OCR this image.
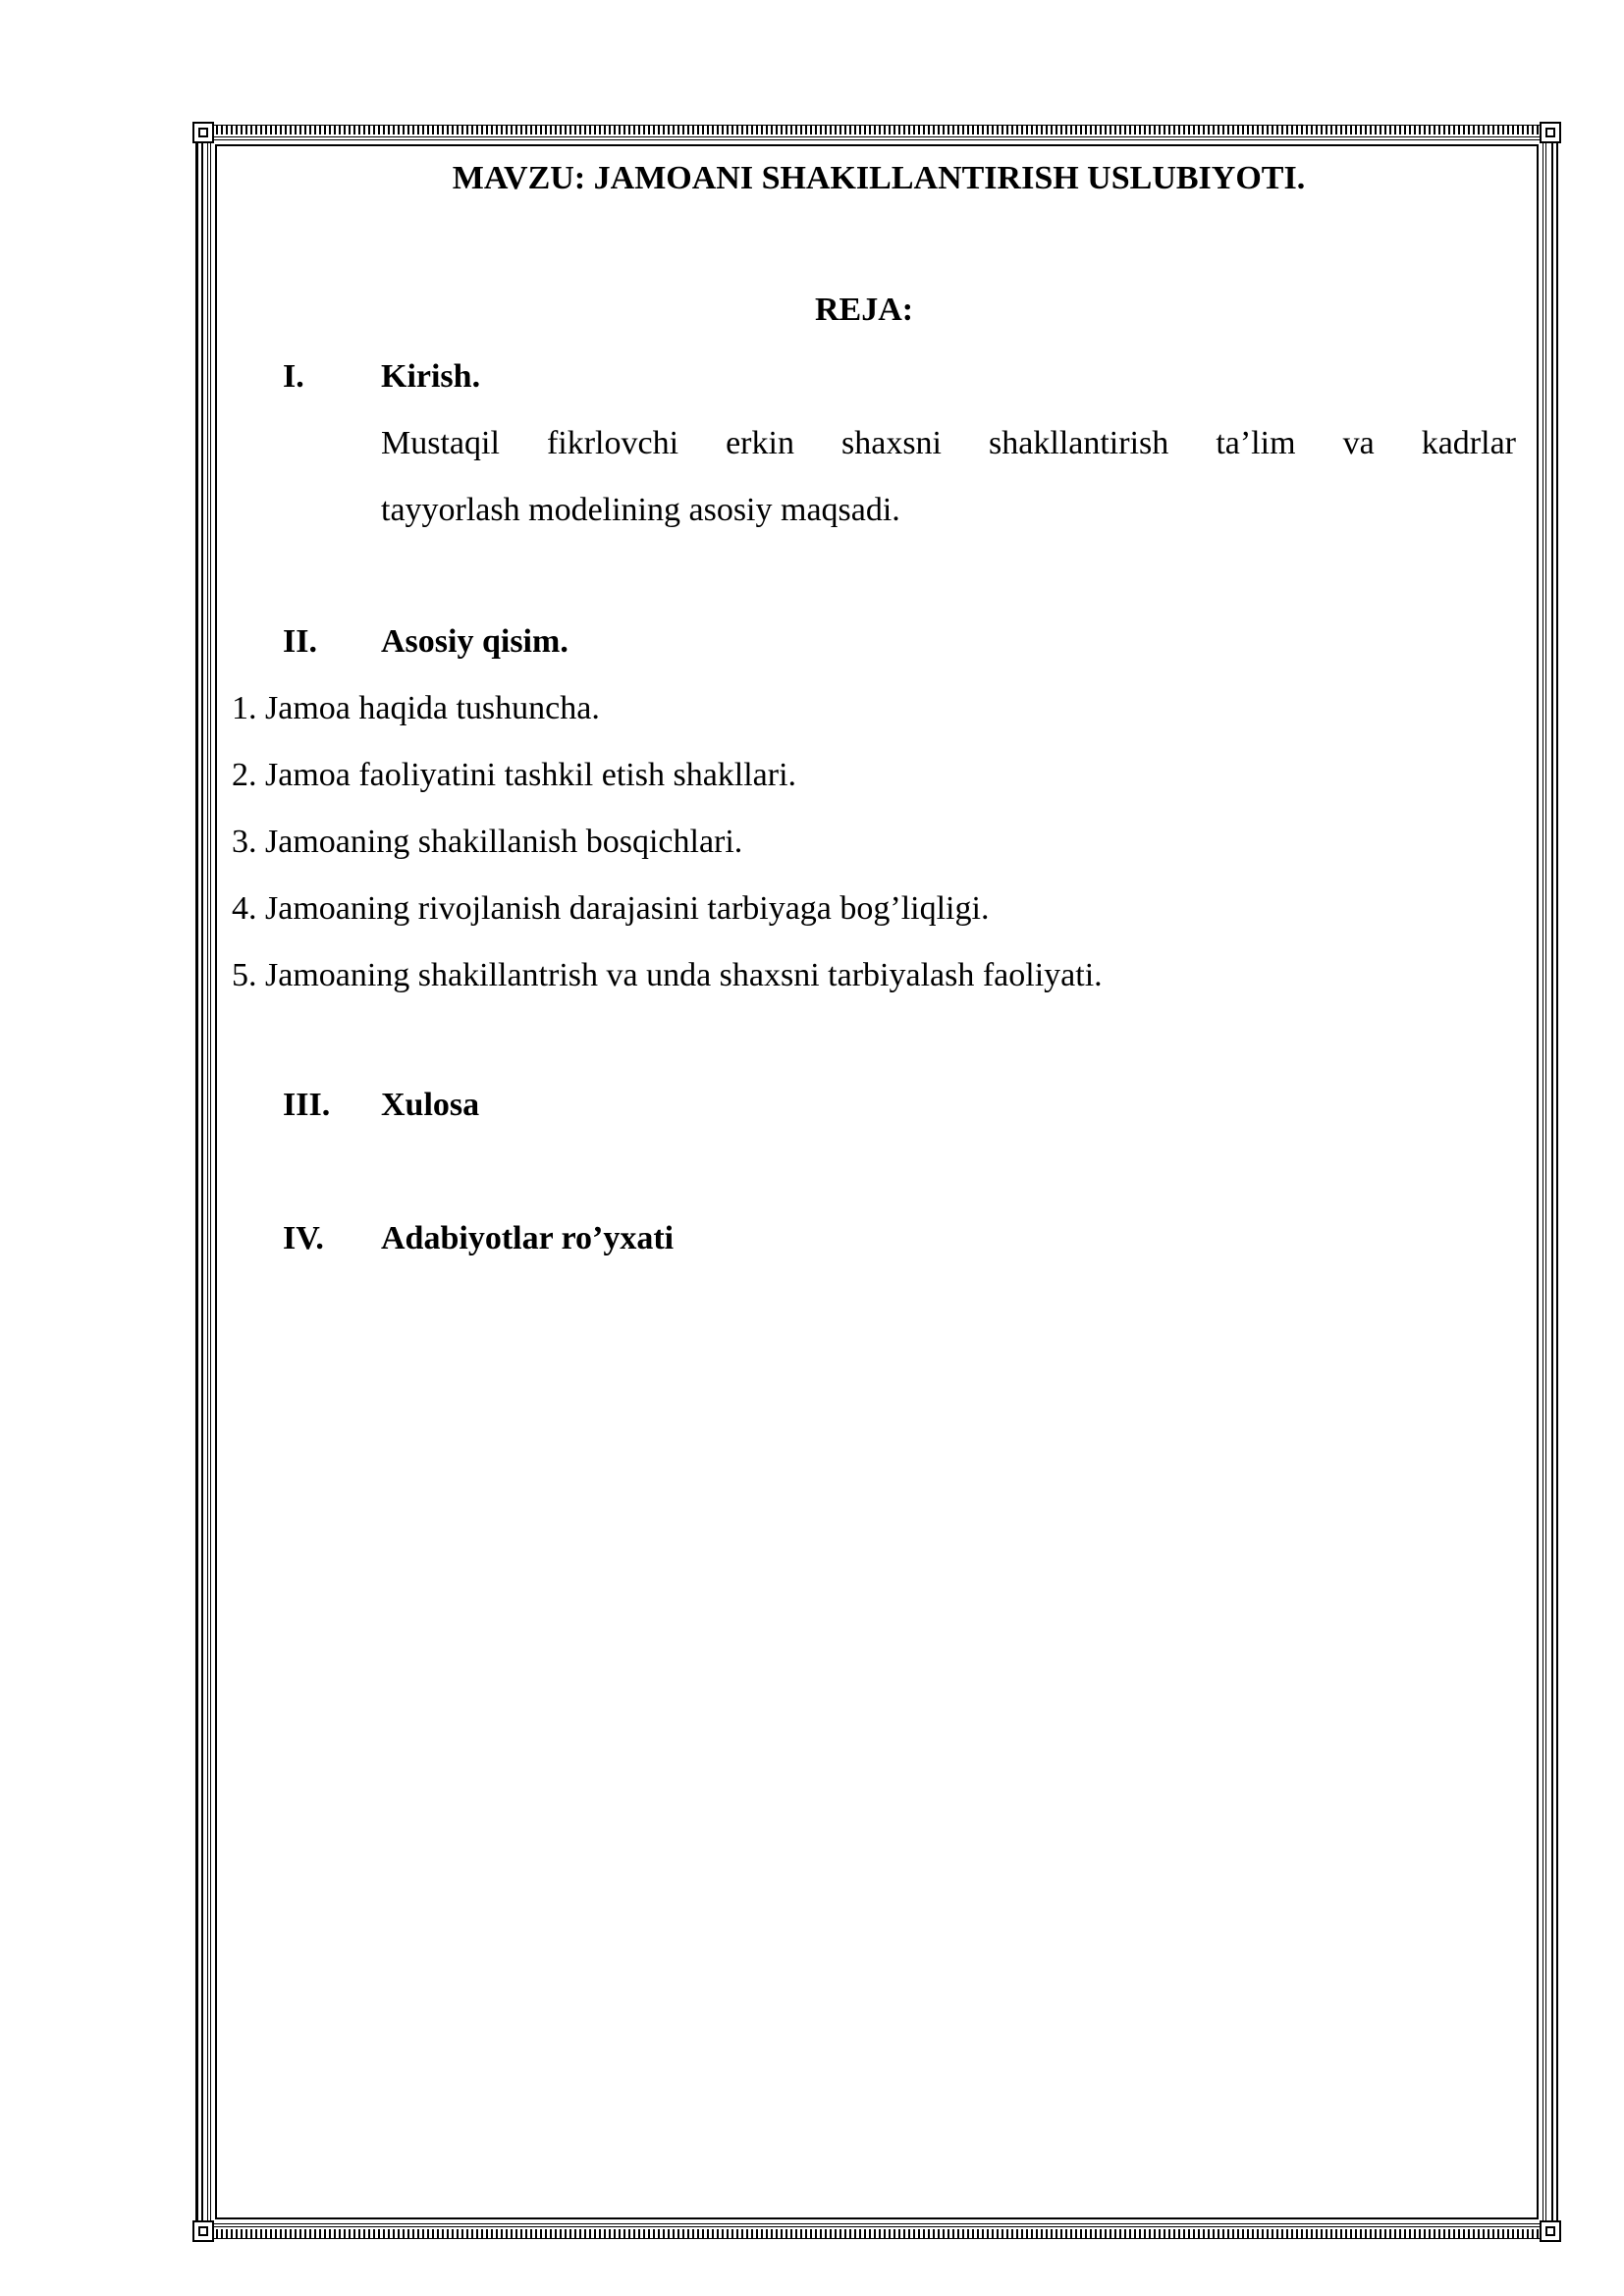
MAVZU: JAMOANI SHAKILLANTIRISH USLUBIYOTI.
REJA:
I. Kirish.
Mustaqil fikrlovchi erkin shaxsni shakllantirish ta’lim va kadrlar
tayyorlash modelining asosiy maqsadi.
II. Asosiy qisim.
1. Jamoa haqida tushuncha.
2. Jamoa faoliyatini tashkil etish shakllari.
3. Jamoaning shakillanish bosqichlari.
4. Jamoaning rivojlanish darajasini tarbiyaga bog’liqligi.
5. Jamoaning shakillantrish va unda shaxsni tarbiyalash faoliyati.
III. Xulosa
IV. Adabiyotlar ro’yxati
